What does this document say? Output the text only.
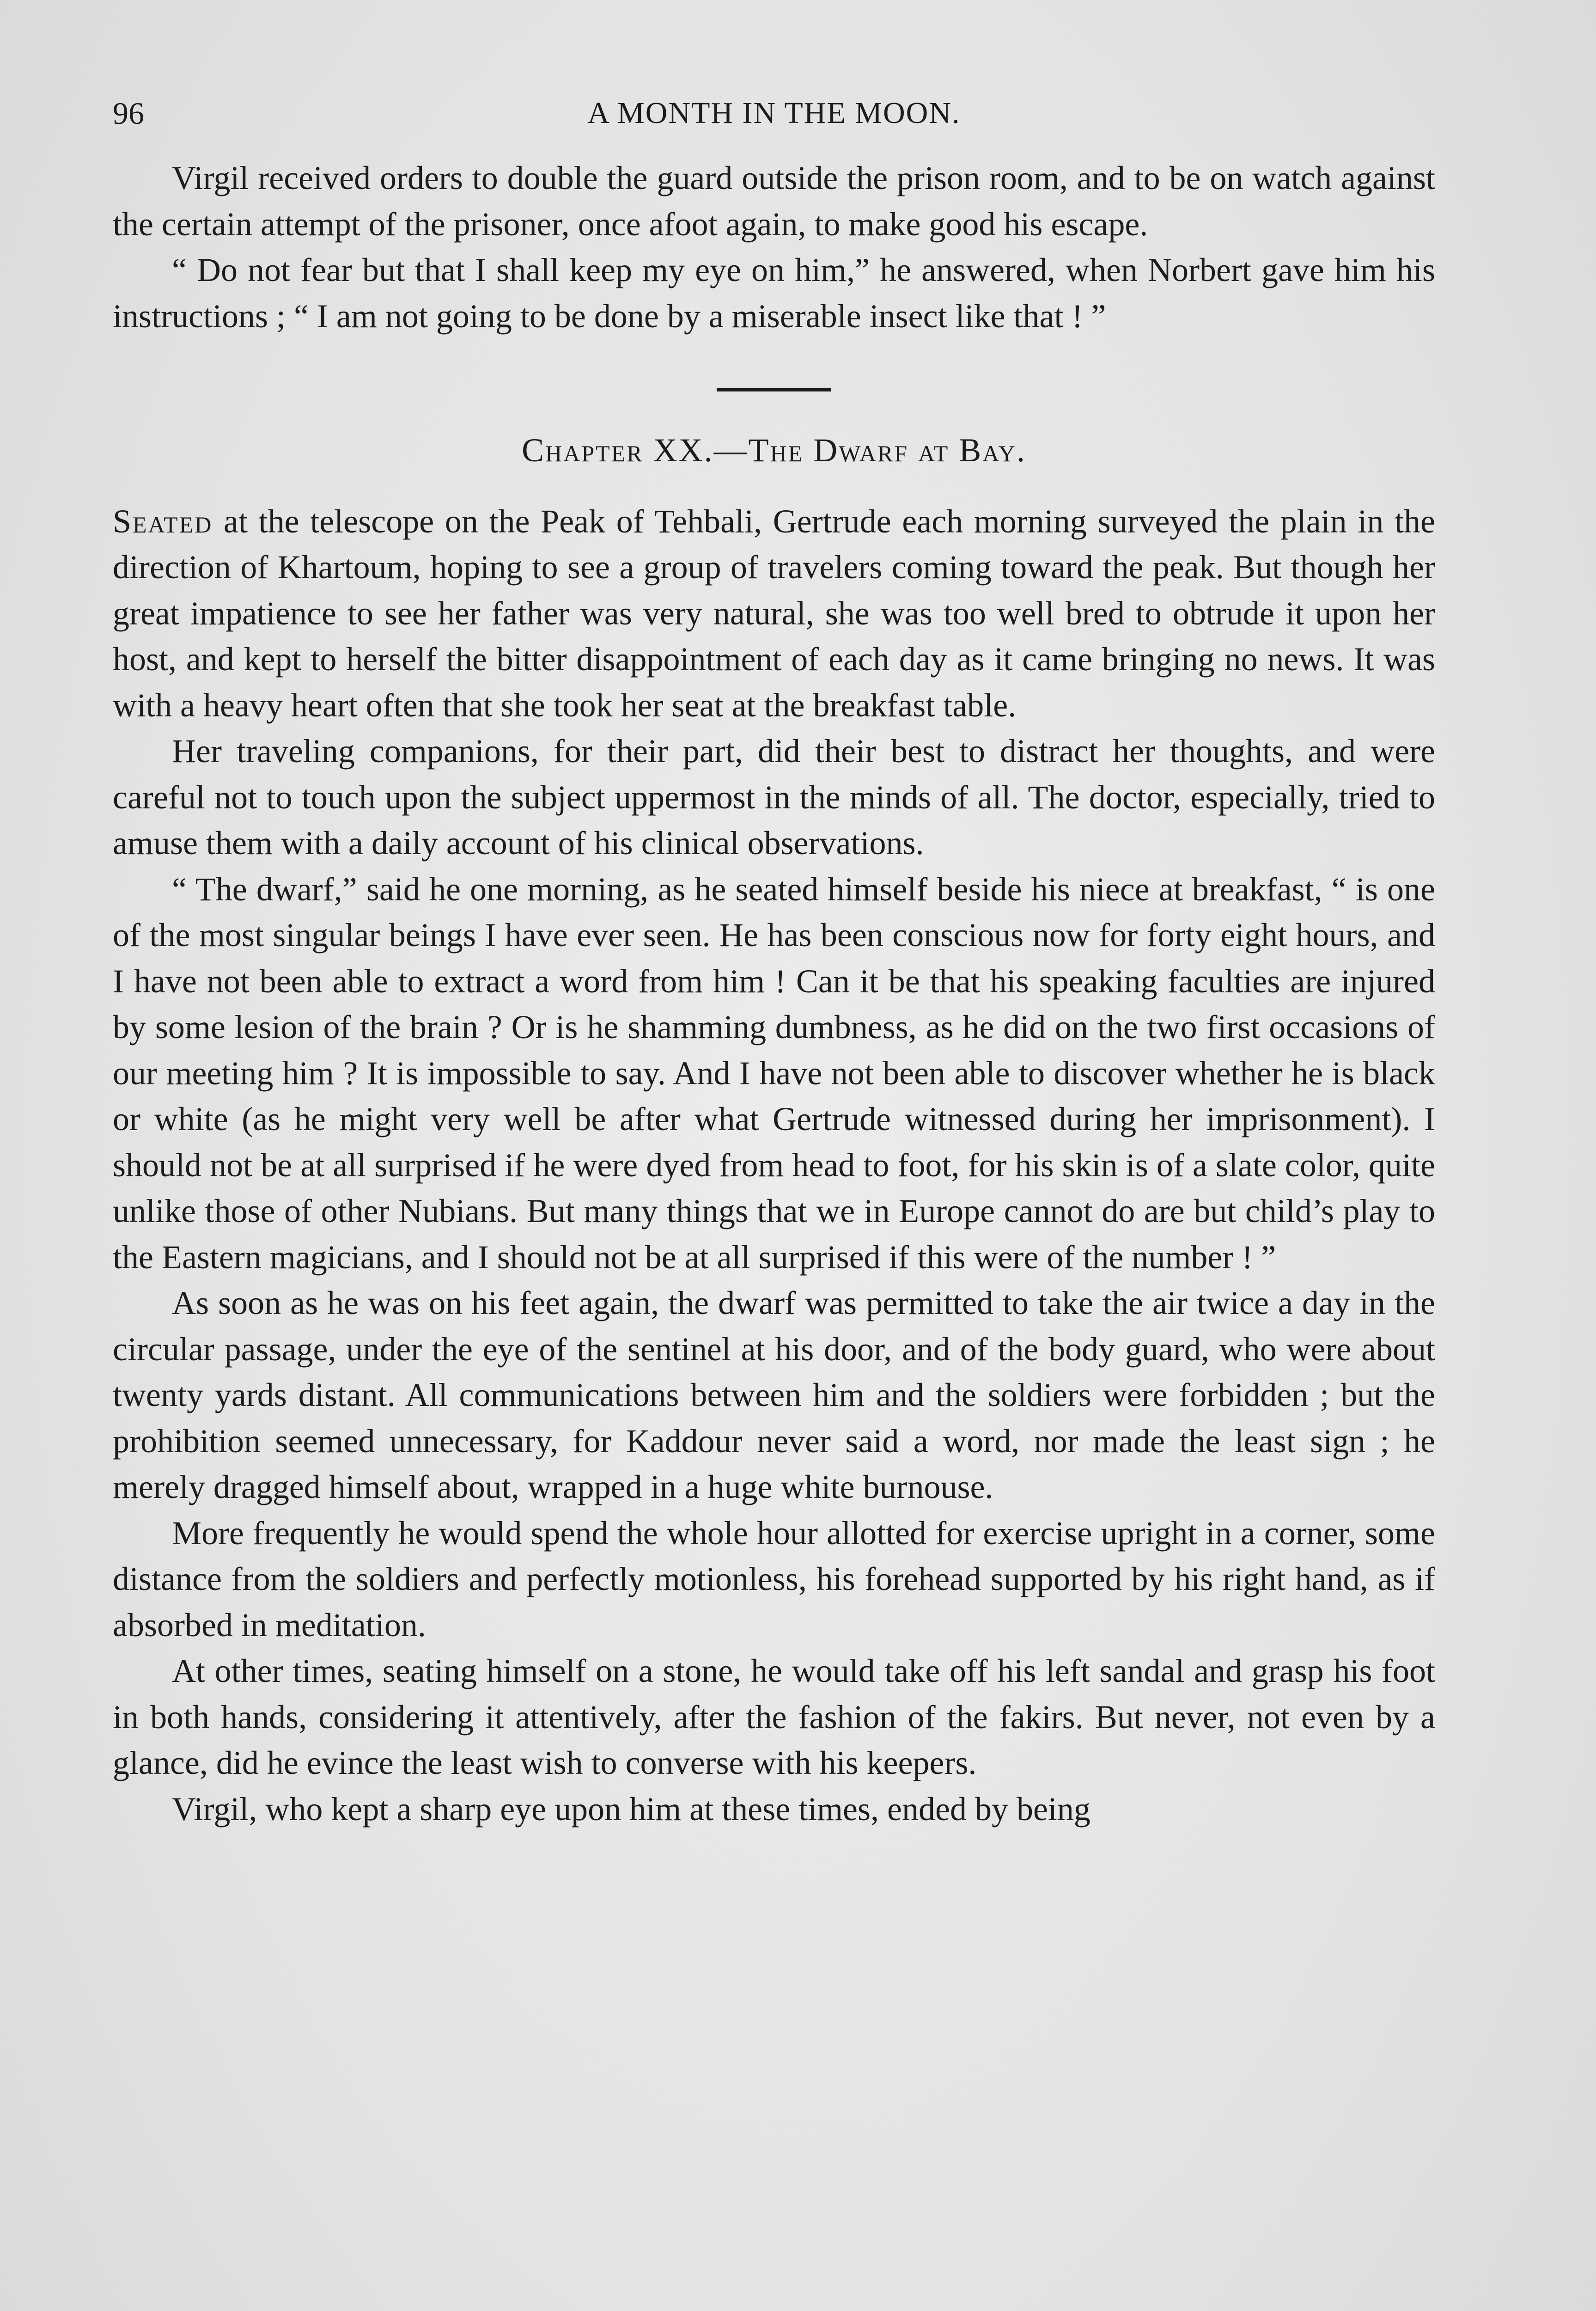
96	A MONTH IN THE MOON.

Virgil received orders to double the guard outside the prison room, and to be on watch against the certain attempt of the prisoner, once afoot again, to make good his escape.

“ Do not fear but that I shall keep my eye on him,” he answered, when Norbert gave him his instructions ; “ I am not going to be done by a miserable insect like that ! ”

Chapter XX.—The Dwarf at Bay.

Seated at the telescope on the Peak of Tehbali, Gertrude each morning surveyed the plain in the direction of Khartoum, hoping to see a group of travelers coming toward the peak. But though her great impatience to see her father was very natural, she was too well bred to obtrude it upon her host, and kept to herself the bitter disappointment of each day as it came bringing no news. It was with a heavy heart often that she took her seat at the breakfast table.

Her traveling companions, for their part, did their best to distract her thoughts, and were careful not to touch upon the subject uppermost in the minds of all. The doctor, especially, tried to amuse them with a daily account of his clinical observations.

“ The dwarf,” said he one morning, as he seated himself beside his niece at breakfast, “ is one of the most singular beings I have ever seen. He has been conscious now for forty eight hours, and I have not been able to extract a word from him ! Can it be that his speaking faculties are injured by some lesion of the brain ? Or is he shamming dumbness, as he did on the two first occasions of our meeting him ? It is impossible to say. And I have not been able to discover whether he is black or white (as he might very well be after what Gertrude witnessed during her imprisonment). I should not be at all surprised if he were dyed from head to foot, for his skin is of a slate color, quite unlike those of other Nubians. But many things that we in Europe cannot do are but child’s play to the Eastern magicians, and I should not be at all surprised if this were of the number ! ”

As soon as he was on his feet again, the dwarf was permitted to take the air twice a day in the circular passage, under the eye of the sentinel at his door, and of the body guard, who were about twenty yards distant. All communications between him and the soldiers were forbidden ; but the prohibition seemed unnecessary, for Kaddour never said a word, nor made the least sign ; he merely dragged himself about, wrapped in a huge white burnouse.

More frequently he would spend the whole hour allotted for exercise upright in a corner, some distance from the soldiers and perfectly motionless, his forehead supported by his right hand, as if absorbed in meditation.

At other times, seating himself on a stone, he would take off his left sandal and grasp his foot in both hands, considering it attentively, after the fashion of the fakirs. But never, not even by a glance, did he evince the least wish to converse with his keepers.

Virgil, who kept a sharp eye upon him at these times, ended by being
